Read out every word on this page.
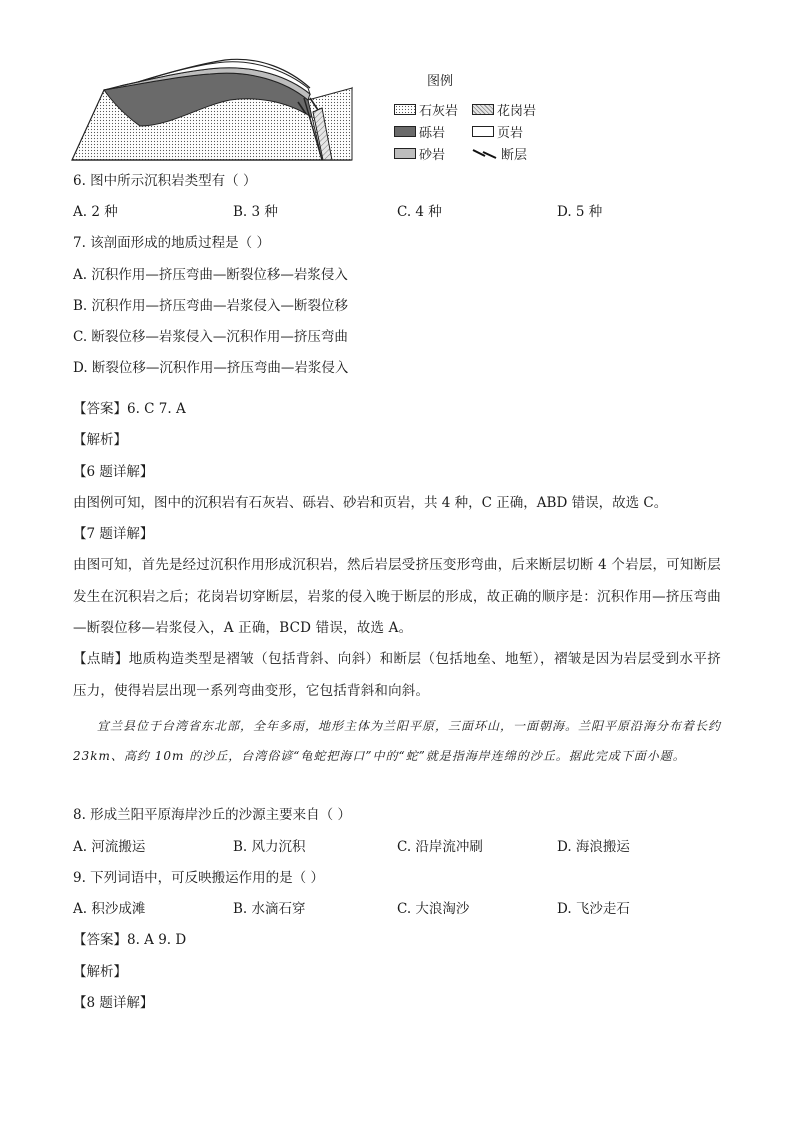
图例
石灰岩	花岗岩
砾岩	页岩
砂岩	断层
6. 图中所示沉积岩类型有（ ）
A. 2 种	B. 3 种	C. 4 种	D. 5 种
7. 该剖面形成的地质过程是（ ）
A. 沉积作用—挤压弯曲—断裂位移—岩浆侵入
B. 沉积作用—挤压弯曲—岩浆侵入—断裂位移
C. 断裂位移—岩浆侵入—沉积作用—挤压弯曲
D. 断裂位移—沉积作用—挤压弯曲—岩浆侵入
【答案】6. C 7. A
【解析】
【6 题详解】
由图例可知，图中的沉积岩有石灰岩、砾岩、砂岩和页岩，共 4 种，C 正确，ABD 错误，故选 C。
【7 题详解】
由图可知，首先是经过沉积作用形成沉积岩，然后岩层受挤压变形弯曲，后来断层切断 4 个岩层，可知断层发生在沉积岩之后；花岗岩切穿断层，岩浆的侵入晚于断层的形成，故正确的顺序是：沉积作用—挤压弯曲—断裂位移—岩浆侵入，A 正确，BCD 错误，故选 A。
【点睛】地质构造类型是褶皱（包括背斜、向斜）和断层（包括地垒、地堑），褶皱是因为岩层受到水平挤压力，使得岩层出现一系列弯曲变形，它包括背斜和向斜。
宜兰县位于台湾省东北部，全年多雨，地形主体为兰阳平原，三面环山，一面朝海。兰阳平原沿海分布着长约 23km、高约 10m 的沙丘，台湾俗谚“龟蛇把海口”中的“蛇”就是指海岸连绵的沙丘。据此完成下面小题。
8. 形成兰阳平原海岸沙丘的沙源主要来自（ ）
A. 河流搬运	B. 风力沉积	C. 沿岸流冲刷	D. 海浪搬运
9. 下列词语中，可反映搬运作用的是（ ）
A. 积沙成滩	B. 水滴石穿	C. 大浪淘沙	D. 飞沙走石
【答案】8. A 9. D
【解析】
【8 题详解】
